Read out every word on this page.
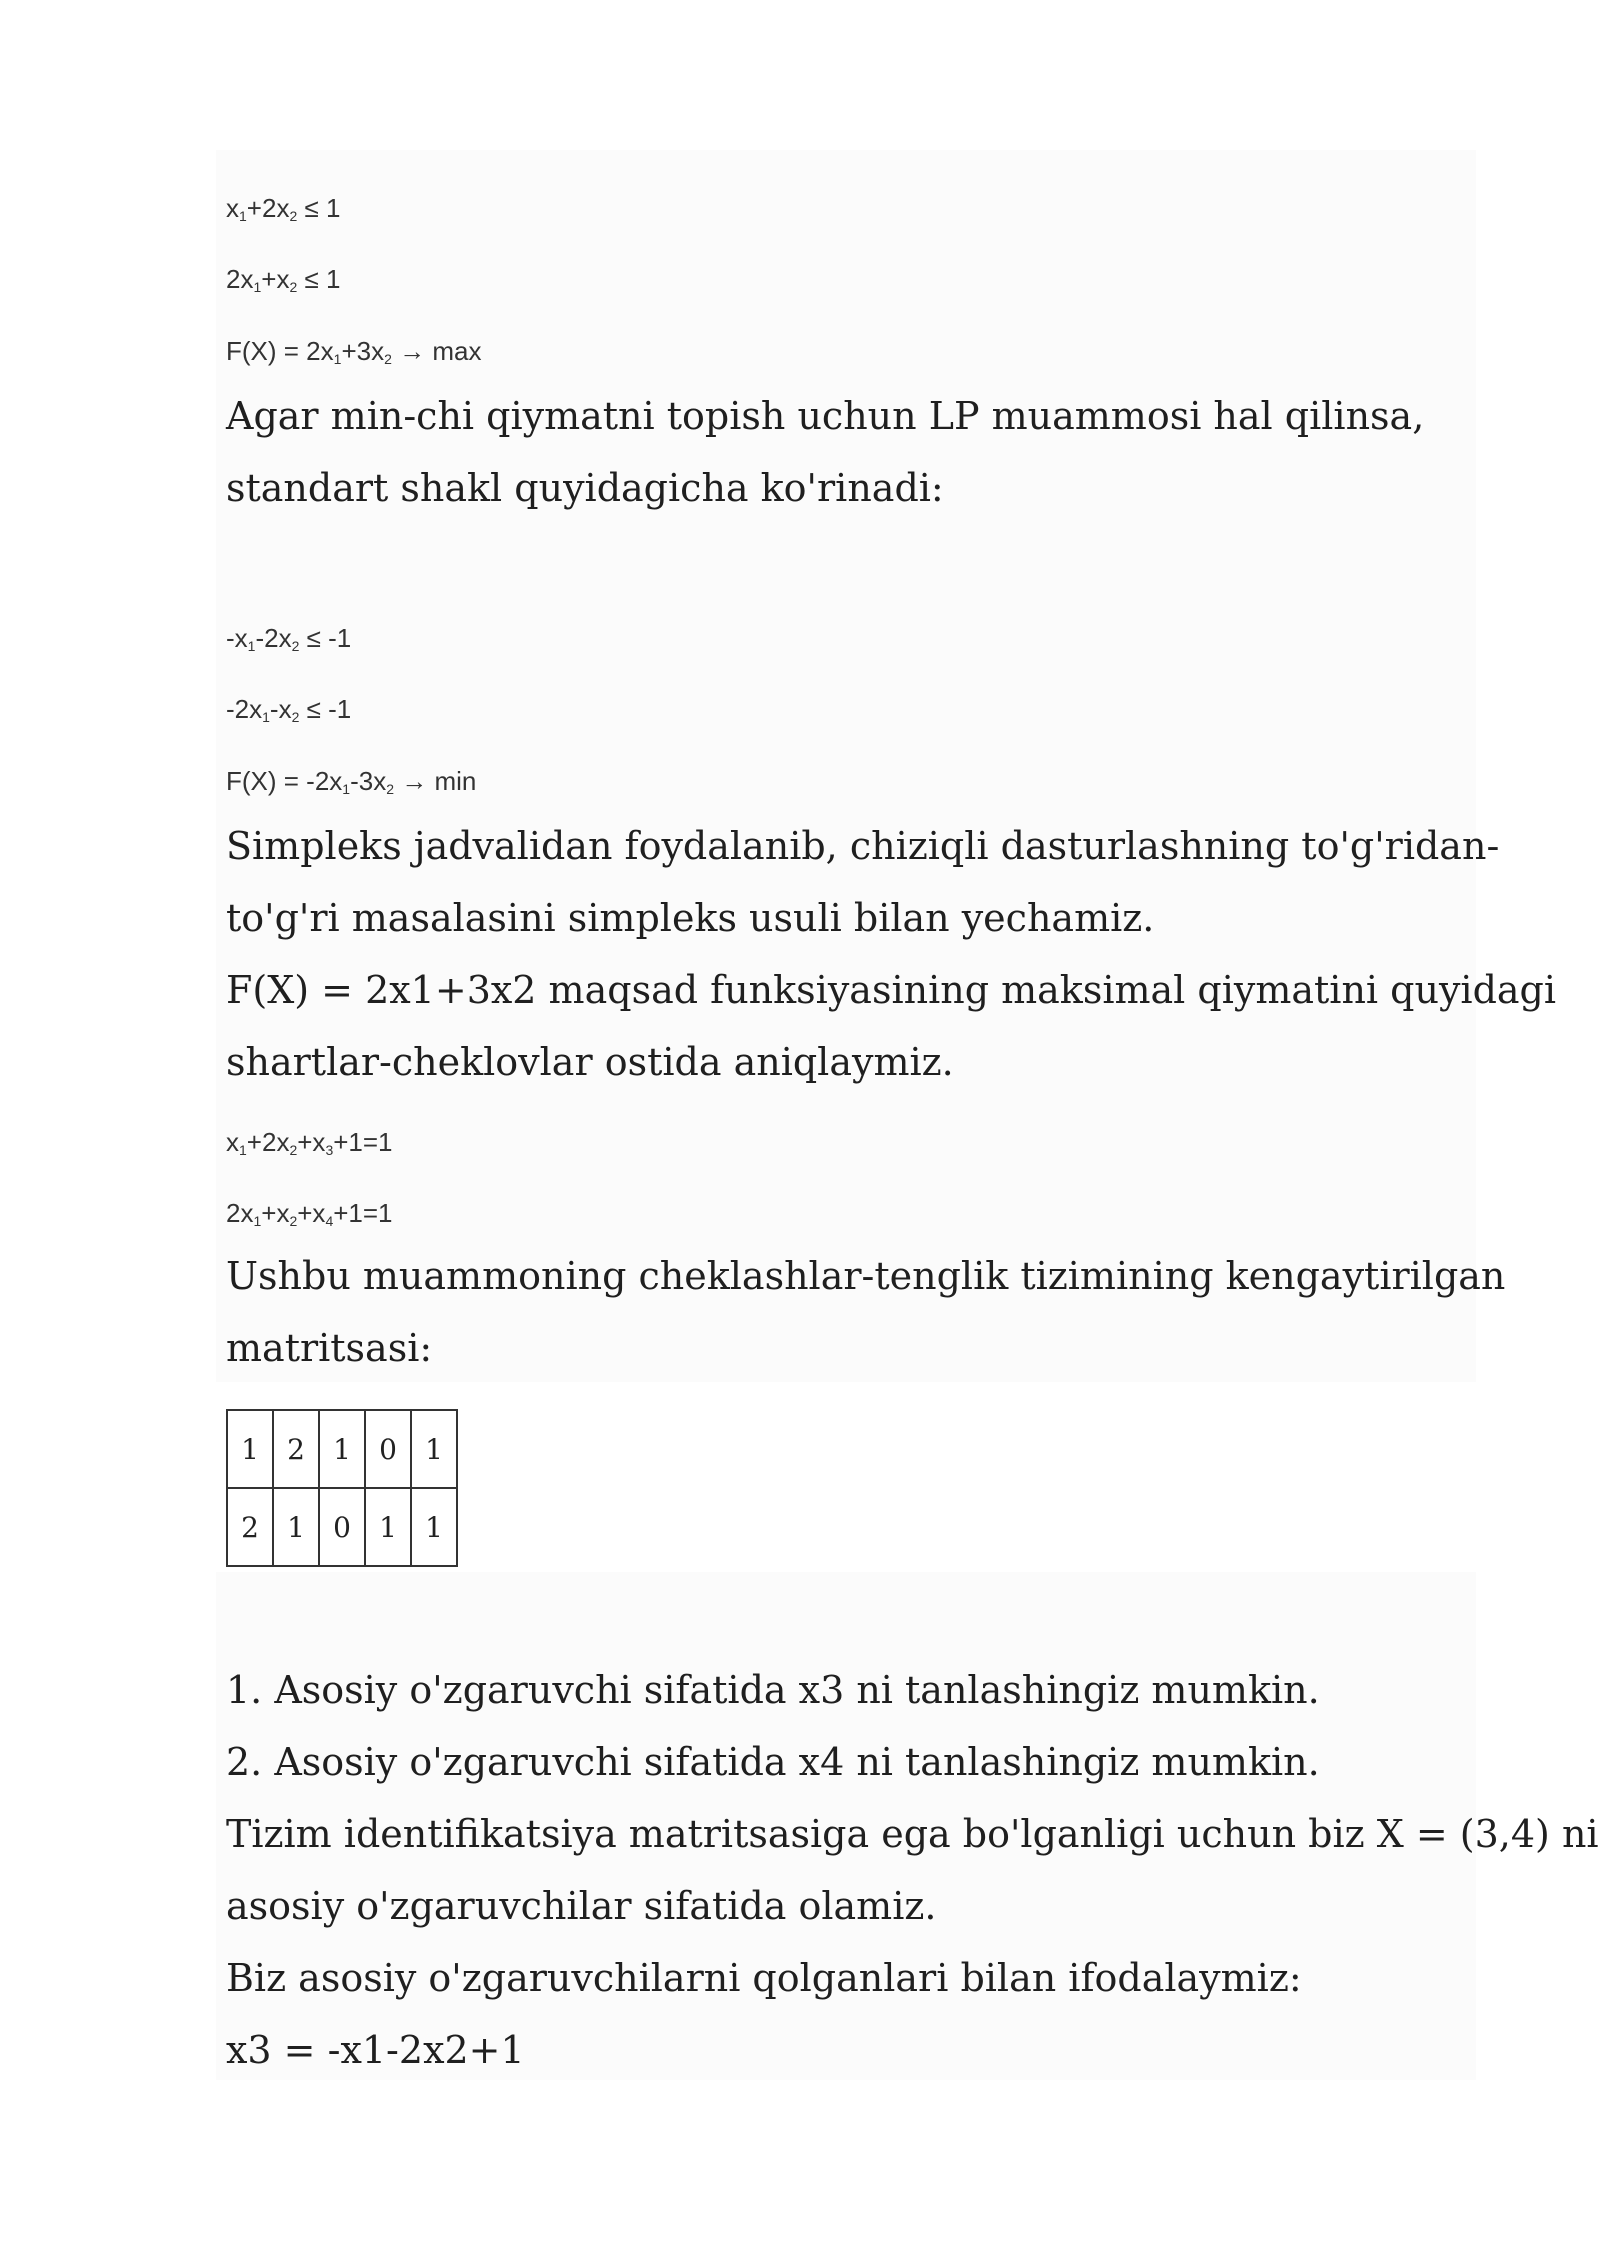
$x_1+2x_2 \le 1$
$2x_1+x_2 \le 1$
$F(X) = 2x_1+3x_2 \to \max$
Agar min-chi qiymatni topish uchun LP muammosi hal qilinsa,
standart shakl quyidagicha ko'rinadi:
$-x_1-2x_2 \le -1$
$-2x_1-x_2 \le -1$
$F(X) = -2x_1-3x_2 \to \min$
Simpleks jadvalidan foydalanib, chiziqli dasturlashning to'g'ridan-
to'g'ri masalasini simpleks usuli bilan yechamiz.
F(X) = 2x1+3x2 maqsad funksiyasining maksimal qiymatini quyidagi
shartlar-cheklovlar ostida aniqlaymiz.
$x_1+2x_2+x_3+1=1$
$2x_1+x_2+x_4+1=1$
Ushbu muammoning cheklashlar-tenglik tizimining kengaytirilgan
matritsasi:
1	2	1	0	1
2	1	0	1	1
1. Asosiy o'zgaruvchi sifatida x3 ni tanlashingiz mumkin.
2. Asosiy o'zgaruvchi sifatida x4 ni tanlashingiz mumkin.
Tizim identifikatsiya matritsasiga ega bo'lganligi uchun biz X = (3,4) ni
asosiy o'zgaruvchilar sifatida olamiz.
Biz asosiy o'zgaruvchilarni qolganlari bilan ifodalaymiz:
x3 = -x1-2x2+1
